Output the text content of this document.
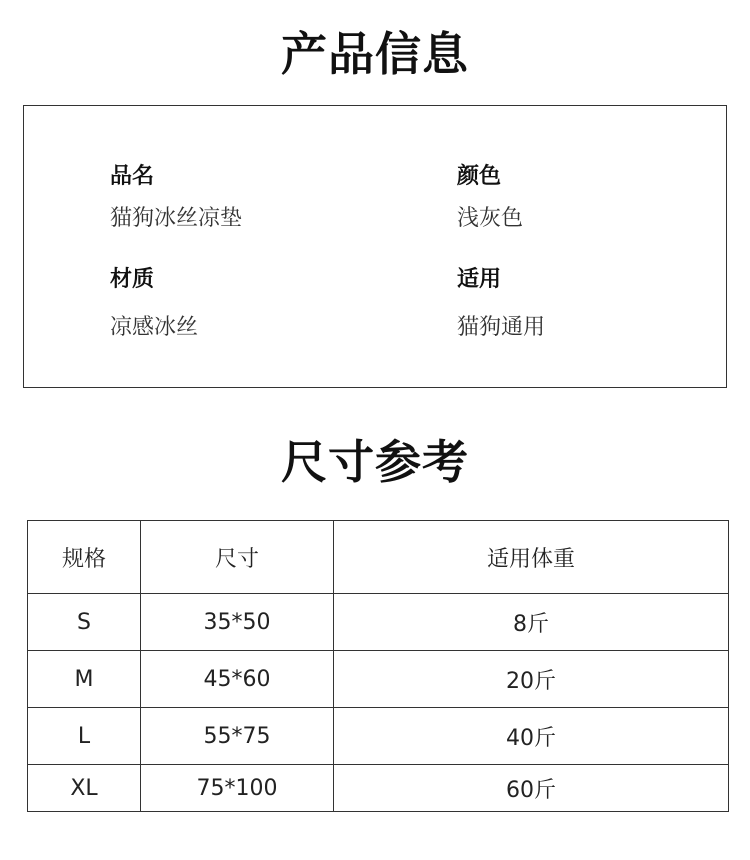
产品信息
品名
猫狗冰丝凉垫
颜色
浅灰色
材质
凉感冰丝
适用
猫狗通用
尺寸参考
规格	尺寸	适用体重
S	35*50	8斤
M	45*60	20斤
L	55*75	40斤
XL	75*100	60斤
